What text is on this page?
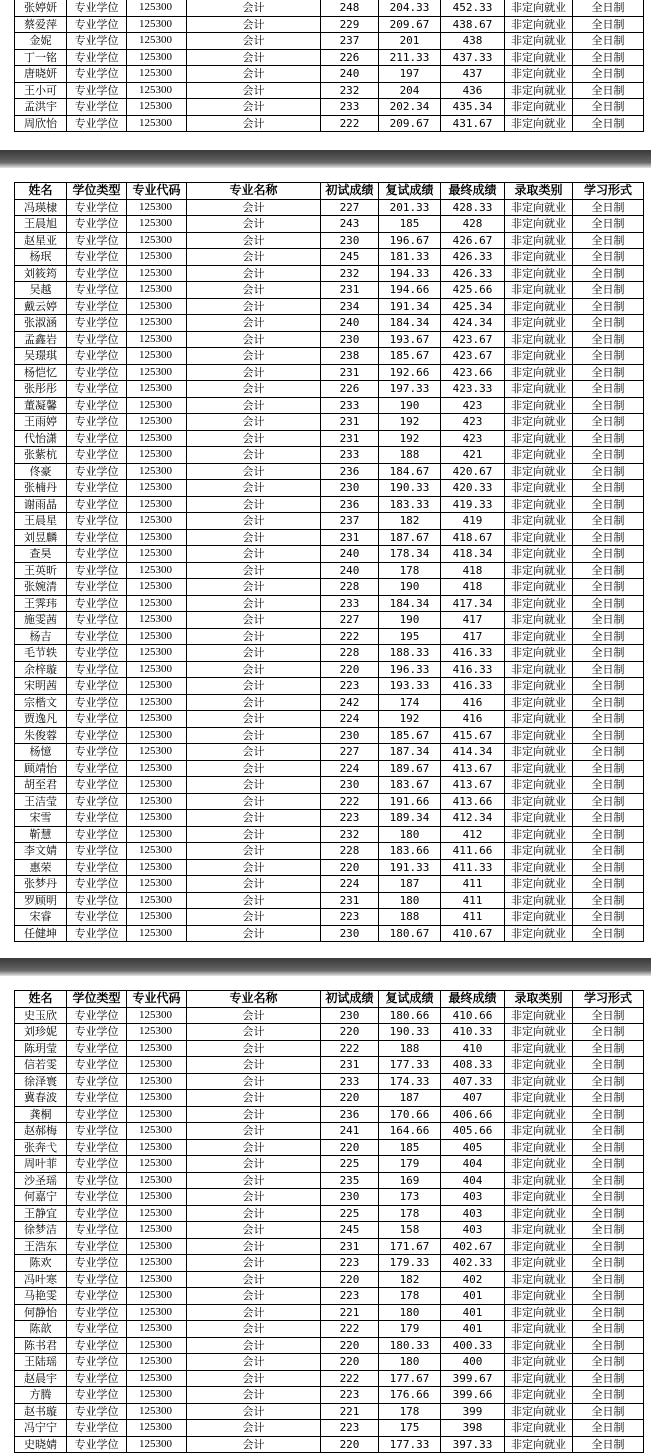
张婷妍	专业学位	125300	会计	248	204.33	452.33	非定向就业	全日制
蔡爱萍	专业学位	125300	会计	229	209.67	438.67	非定向就业	全日制
金妮	专业学位	125300	会计	237	201	438	非定向就业	全日制
丁一铭	专业学位	125300	会计	226	211.33	437.33	非定向就业	全日制
唐晓妍	专业学位	125300	会计	240	197	437	非定向就业	全日制
王小可	专业学位	125300	会计	232	204	436	非定向就业	全日制
孟洪宇	专业学位	125300	会计	233	202.34	435.34	非定向就业	全日制
周欣怡	专业学位	125300	会计	222	209.67	431.67	非定向就业	全日制
姓名	学位类型	专业代码	专业名称	初试成绩	复试成绩	最终成绩	录取类别	学习形式
冯瑛棣	专业学位	125300	会计	227	201.33	428.33	非定向就业	全日制
王晨旭	专业学位	125300	会计	243	185	428	非定向就业	全日制
赵星亚	专业学位	125300	会计	230	196.67	426.67	非定向就业	全日制
杨珉	专业学位	125300	会计	245	181.33	426.33	非定向就业	全日制
刘筱筠	专业学位	125300	会计	232	194.33	426.33	非定向就业	全日制
吴越	专业学位	125300	会计	231	194.66	425.66	非定向就业	全日制
戴云婷	专业学位	125300	会计	234	191.34	425.34	非定向就业	全日制
张淑涵	专业学位	125300	会计	240	184.34	424.34	非定向就业	全日制
孟鑫岩	专业学位	125300	会计	230	193.67	423.67	非定向就业	全日制
吴璟琪	专业学位	125300	会计	238	185.67	423.67	非定向就业	全日制
杨恺忆	专业学位	125300	会计	231	192.66	423.66	非定向就业	全日制
张彤彤	专业学位	125300	会计	226	197.33	423.33	非定向就业	全日制
董凝馨	专业学位	125300	会计	233	190	423	非定向就业	全日制
王雨婷	专业学位	125300	会计	231	192	423	非定向就业	全日制
代怡潇	专业学位	125300	会计	231	192	423	非定向就业	全日制
张紫杭	专业学位	125300	会计	233	188	421	非定向就业	全日制
佟豪	专业学位	125300	会计	236	184.67	420.67	非定向就业	全日制
张楠丹	专业学位	125300	会计	230	190.33	420.33	非定向就业	全日制
谢雨晶	专业学位	125300	会计	236	183.33	419.33	非定向就业	全日制
王晨星	专业学位	125300	会计	237	182	419	非定向就业	全日制
刘昱麟	专业学位	125300	会计	231	187.67	418.67	非定向就业	全日制
查昊	专业学位	125300	会计	240	178.34	418.34	非定向就业	全日制
王英昕	专业学位	125300	会计	240	178	418	非定向就业	全日制
张婉清	专业学位	125300	会计	228	190	418	非定向就业	全日制
王霁玮	专业学位	125300	会计	233	184.34	417.34	非定向就业	全日制
施雯茜	专业学位	125300	会计	227	190	417	非定向就业	全日制
杨吉	专业学位	125300	会计	222	195	417	非定向就业	全日制
毛节轶	专业学位	125300	会计	228	188.33	416.33	非定向就业	全日制
余梓璇	专业学位	125300	会计	220	196.33	416.33	非定向就业	全日制
宋明茜	专业学位	125300	会计	223	193.33	416.33	非定向就业	全日制
宗楷文	专业学位	125300	会计	242	174	416	非定向就业	全日制
贾逸凡	专业学位	125300	会计	224	192	416	非定向就业	全日制
朱俊蓉	专业学位	125300	会计	230	185.67	415.67	非定向就业	全日制
杨憶	专业学位	125300	会计	227	187.34	414.34	非定向就业	全日制
顾靖怡	专业学位	125300	会计	224	189.67	413.67	非定向就业	全日制
胡至君	专业学位	125300	会计	230	183.67	413.67	非定向就业	全日制
王洁莹	专业学位	125300	会计	222	191.66	413.66	非定向就业	全日制
宋雪	专业学位	125300	会计	223	189.34	412.34	非定向就业	全日制
靳慧	专业学位	125300	会计	232	180	412	非定向就业	全日制
李文婧	专业学位	125300	会计	228	183.66	411.66	非定向就业	全日制
惠荣	专业学位	125300	会计	220	191.33	411.33	非定向就业	全日制
张梦丹	专业学位	125300	会计	224	187	411	非定向就业	全日制
罗顾明	专业学位	125300	会计	231	180	411	非定向就业	全日制
宋睿	专业学位	125300	会计	223	188	411	非定向就业	全日制
任健坤	专业学位	125300	会计	230	180.67	410.67	非定向就业	全日制
姓名	学位类型	专业代码	专业名称	初试成绩	复试成绩	最终成绩	录取类别	学习形式
史玉欣	专业学位	125300	会计	230	180.66	410.66	非定向就业	全日制
刘珍妮	专业学位	125300	会计	220	190.33	410.33	非定向就业	全日制
陈玥莹	专业学位	125300	会计	222	188	410	非定向就业	全日制
信若雯	专业学位	125300	会计	231	177.33	408.33	非定向就业	全日制
徐泽寰	专业学位	125300	会计	233	174.33	407.33	非定向就业	全日制
冀春波	专业学位	125300	会计	220	187	407	非定向就业	全日制
龚桐	专业学位	125300	会计	236	170.66	406.66	非定向就业	全日制
赵郝梅	专业学位	125300	会计	241	164.66	405.66	非定向就业	全日制
张奔弋	专业学位	125300	会计	220	185	405	非定向就业	全日制
周叶菲	专业学位	125300	会计	225	179	404	非定向就业	全日制
沙圣瑶	专业学位	125300	会计	235	169	404	非定向就业	全日制
何嘉宁	专业学位	125300	会计	230	173	403	非定向就业	全日制
王静宜	专业学位	125300	会计	225	178	403	非定向就业	全日制
徐梦洁	专业学位	125300	会计	245	158	403	非定向就业	全日制
王浩东	专业学位	125300	会计	231	171.67	402.67	非定向就业	全日制
陈欢	专业学位	125300	会计	223	179.33	402.33	非定向就业	全日制
冯叶寒	专业学位	125300	会计	220	182	402	非定向就业	全日制
马艳雯	专业学位	125300	会计	223	178	401	非定向就业	全日制
何静怡	专业学位	125300	会计	221	180	401	非定向就业	全日制
陈歆	专业学位	125300	会计	222	179	401	非定向就业	全日制
陈书君	专业学位	125300	会计	220	180.33	400.33	非定向就业	全日制
王陆瑶	专业学位	125300	会计	220	180	400	非定向就业	全日制
赵晨宇	专业学位	125300	会计	222	177.67	399.67	非定向就业	全日制
方腾	专业学位	125300	会计	223	176.66	399.66	非定向就业	全日制
赵书璇	专业学位	125300	会计	221	178	399	非定向就业	全日制
冯宁宁	专业学位	125300	会计	223	175	398	非定向就业	全日制
史晓婧	专业学位	125300	会计	220	177.33	397.33	非定向就业	全日制
